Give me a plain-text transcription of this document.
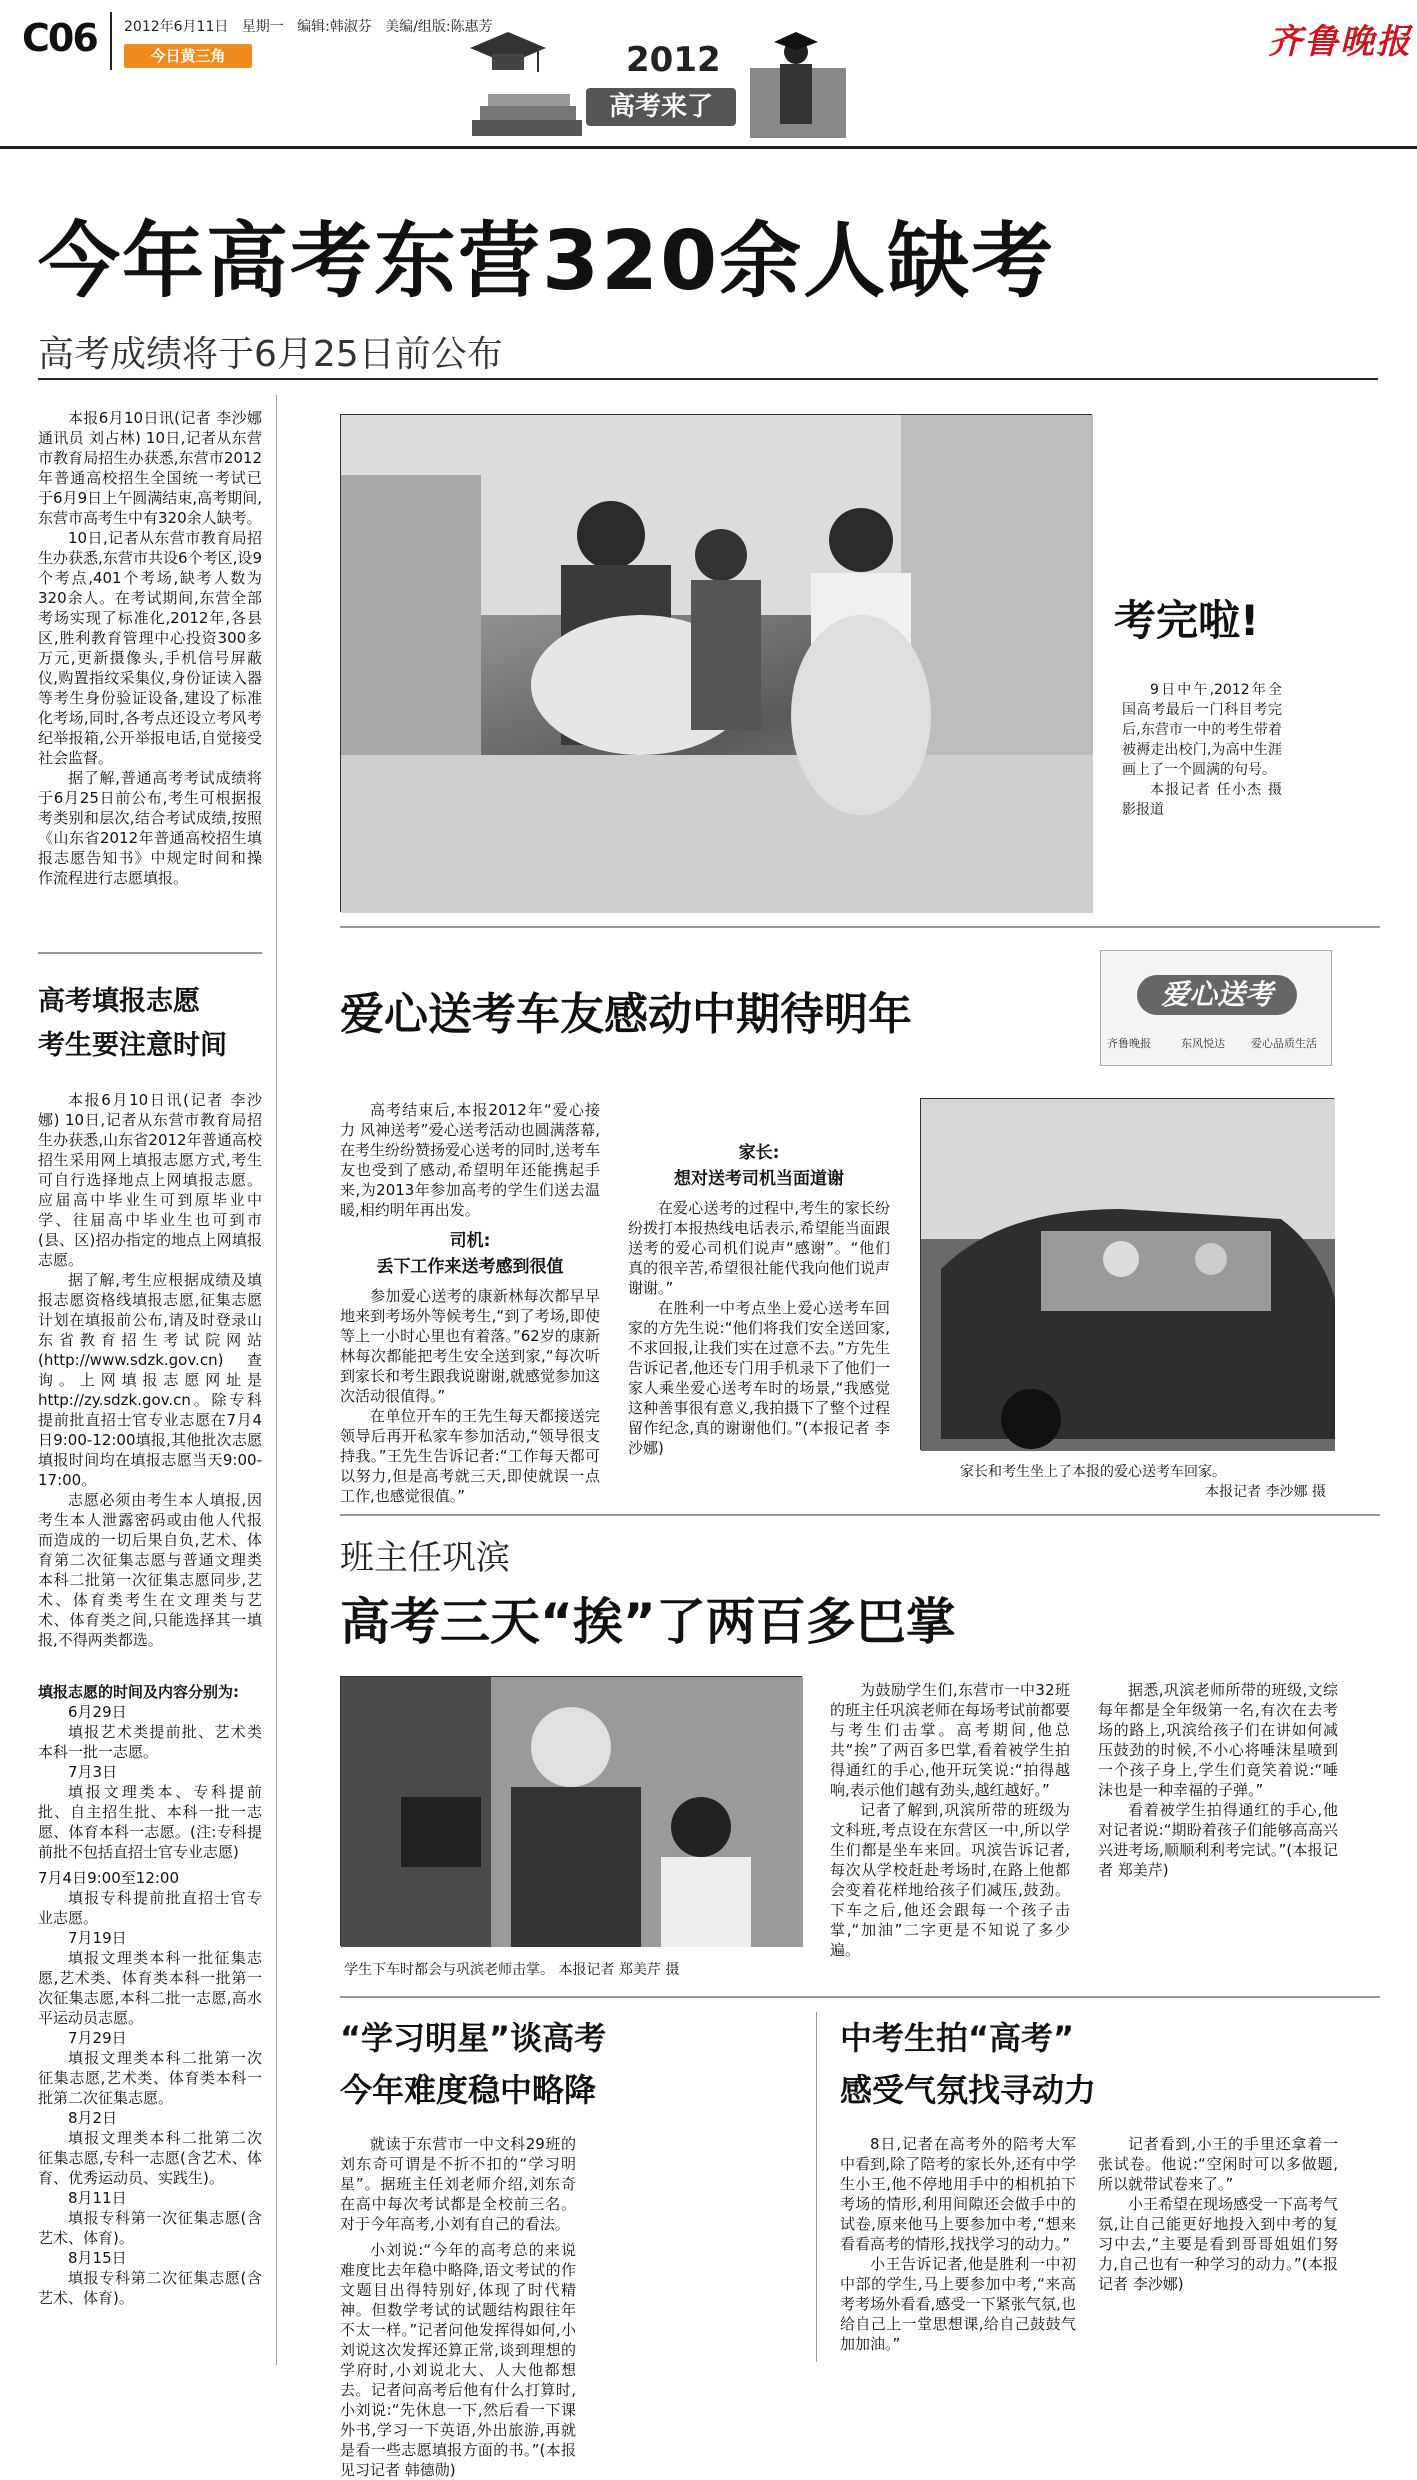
C06 2012年6月11日 星期一 编辑:韩淑芬 美编/组版:陈惠芳
今日黄三角	2012
高考来了
齐鲁晚报
今年高考东营320余人缺考
高考成绩将于6月25日前公布

本报6月10日讯(记者 李沙娜 通讯员 刘占林) 10日,记者从东营市教育局招生办获悉,东营市2012年普通高校招生全国统一考试已于6月9日上午圆满结束,高考期间,东营市高考生中有320余人缺考。

10日,记者从东营市教育局招生办获悉,东营市共设6个考区,设9个考点,401个考场,缺考人数为320余人。在考试期间,东营全部考场实现了标准化,2012年,各县区,胜利教育管理中心投资300多万元,更新摄像头,手机信号屏蔽仪,购置指纹采集仪,身份证读入器等考生身份验证设备,建设了标准化考场,同时,各考点还设立考风考纪举报箱,公开举报电话,自觉接受社会监督。

据了解,普通高考考试成绩将于6月25日前公布,考生可根据报考类别和层次,结合考试成绩,按照《山东省2012年普通高校招生填报志愿告知书》中规定时间和操作流程进行志愿填报。

高考填报志愿
考生要注意时间

本报6月10日讯(记者 李沙娜) 10日,记者从东营市教育局招生办获悉,山东省2012年普通高校招生采用网上填报志愿方式,考生可自行选择地点上网填报志愿。应届高中毕业生可到原毕业中学、往届高中毕业生也可到市(县、区)招办指定的地点上网填报志愿。

据了解,考生应根据成绩及填报志愿资格线填报志愿,征集志愿计划在填报前公布,请及时登录山东省教育招生考试院网站(http://www.sdzk.gov.cn)查询。上网填报志愿网址是http://zy.sdzk.gov.cn。除专科提前批直招士官专业志愿在7月4日9:00-12:00填报,其他批次志愿填报时间均在填报志愿当天9:00-17:00。

志愿必须由考生本人填报,因考生本人泄露密码或由他人代报而造成的一切后果自负,艺术、体育第二次征集志愿与普通文理类本科二批第一次征集志愿同步,艺术、体育类考生在文理类与艺术、体育类之间,只能选择其一填报,不得两类都选。

填报志愿的时间及内容分别为:
6月29日
填报艺术类提前批、艺术类本科一批一志愿。
7月3日
填报文理类本、专科提前批、自主招生批、本科一批一志愿、体育本科一志愿。(注:专科提前批不包括直招士官专业志愿)
7月4日9:00至12:00
填报专科提前批直招士官专业志愿。
7月19日
填报文理类本科一批征集志愿,艺术类、体育类本科一批第一次征集志愿,本科二批一志愿,高水平运动员志愿。
7月29日
填报文理类本科二批第一次征集志愿,艺术类、体育类本科一批第二次征集志愿。
8月2日
填报文理类本科二批第二次征集志愿,专科一志愿(含艺术、体育、优秀运动员、实践生)。
8月11日
填报专科第一次征集志愿(含艺术、体育)。
8月15日
填报专科第二次征集志愿(含艺术、体育)。
考完啦!
9日中午,2012年全国高考最后一门科目考完后,东营市一中的考生带着被褥走出校门,为高中生涯画上了一个圆满的句号。
本报记者 任小杰 摄影报道
爱心送考车友感动中期待明年	爱心送考
齐鲁晚报	东风悦达 爱心品质生活

高考结束后,本报2012年“爱心接力 风神送考”爱心送考活动也圆满落幕,在考生纷纷赞扬爱心送考的同时,送考车友也受到了感动,希望明年还能携起手来,为2013年参加高考的学生们送去温暖,相约明年再出发。

司机:
丢下工作来送考感到很值

参加爱心送考的康新林每次都早早地来到考场外等候考生,“到了考场,即使等上一小时心里也有着落。”62岁的康新林每次都能把考生安全送到家,“每次听到家长和考生跟我说谢谢,就感觉参加这次活动很值得。”

在单位开车的王先生每天都接送完领导后再开私家车参加活动,“领导很支持我。”王先生告诉记者:“工作每天都可以努力,但是高考就三天,即使就误一点工作,也感觉很值。”

家长:
想对送考司机当面道谢

在爱心送考的过程中,考生的家长纷纷拨打本报热线电话表示,希望能当面跟送考的爱心司机们说声“感谢”。“他们真的很辛苦,希望很社能代我向他们说声谢谢。”

在胜利一中考点坐上爱心送考车回家的方先生说:“他们将我们安全送回家,不求回报,让我们实在过意不去。”方先生告诉记者,他还专门用手机录下了他们一家人乘坐爱心送考车时的场景,“我感觉这种善事很有意义,我拍摄下了整个过程留作纪念,真的谢谢他们。”(本报记者 李沙娜)

家长和考生坐上了本报的爱心送考车回家。
本报记者 李沙娜 摄
班主任巩滨
高考三天“挨”了两百多巴掌
学生下车时都会与巩滨老师击掌。 本报记者 郑美芹 摄

为鼓励学生们,东营市一中32班的班主任巩滨老师在每场考试前都要与考生们击掌。高考期间,他总共“挨”了两百多巴掌,看着被学生拍得通红的手心,他开玩笑说:“拍得越响,表示他们越有劲头,越红越好。”

记者了解到,巩滨所带的班级为文科班,考点设在东营区一中,所以学生们都是坐车来回。巩滨告诉记者,每次从学校赶赴考场时,在路上他都会变着花样地给孩子们减压,鼓劲。下车之后,他还会跟每一个孩子击掌,“加油”二字更是不知说了多少遍。

据悉,巩滨老师所带的班级,文综每年都是全年级第一名,有次在去考场的路上,巩滨给孩子们在讲如何减压鼓劲的时候,不小心将唾沫星喷到一个孩子身上,学生们竟笑着说:“唾沫也是一种幸福的子弹。”

看着被学生拍得通红的手心,他对记者说:“期盼着孩子们能够高高兴兴进考场,顺顺利利考完试。”(本报记者 郑美芹)

“学习明星”谈高考
今年难度稳中略降

就读于东营市一中文科29班的刘东奇可谓是不折不扣的“学习明星”。据班主任刘老师介绍,刘东奇在高中每次考试都是全校前三名。对于今年高考,小刘有自己的看法。

小刘说:“今年的高考总的来说难度比去年稳中略降,语文考试的作文题目出得特别好,体现了时代精神。但数学考试的试题结构跟往年不太一样。”记者问他发挥得如何,小刘说这次发挥还算正常,谈到理想的学府时,小刘说北大、人大他都想去。记者问高考后他有什么打算时,小刘说:“先休息一下,然后看一下课外书,学习一下英语,外出旅游,再就是看一些志愿填报方面的书。”(本报见习记者 韩德勋)

中考生拍“高考”
感受气氛找寻动力

8日,记者在高考外的陪考大军中看到,除了陪考的家长外,还有中学生小王,他不停地用手中的相机拍下考场的情形,利用间隙还会做手中的试卷,原来他马上要参加中考,“想来看看高考的情形,找找学习的动力。”

小王告诉记者,他是胜利一中初中部的学生,马上要参加中考,“来高考考场外看看,感受一下紧张气氛,也给自己上一堂思想课,给自己鼓鼓气加加油。”

记者看到,小王的手里还拿着一张试卷。他说:“空闲时可以多做题,所以就带试卷来了。”

小王希望在现场感受一下高考气氛,让自己能更好地投入到中考的复习中去,“主要是看到哥哥姐姐们努力,自己也有一种学习的动力。”(本报记者 李沙娜)
